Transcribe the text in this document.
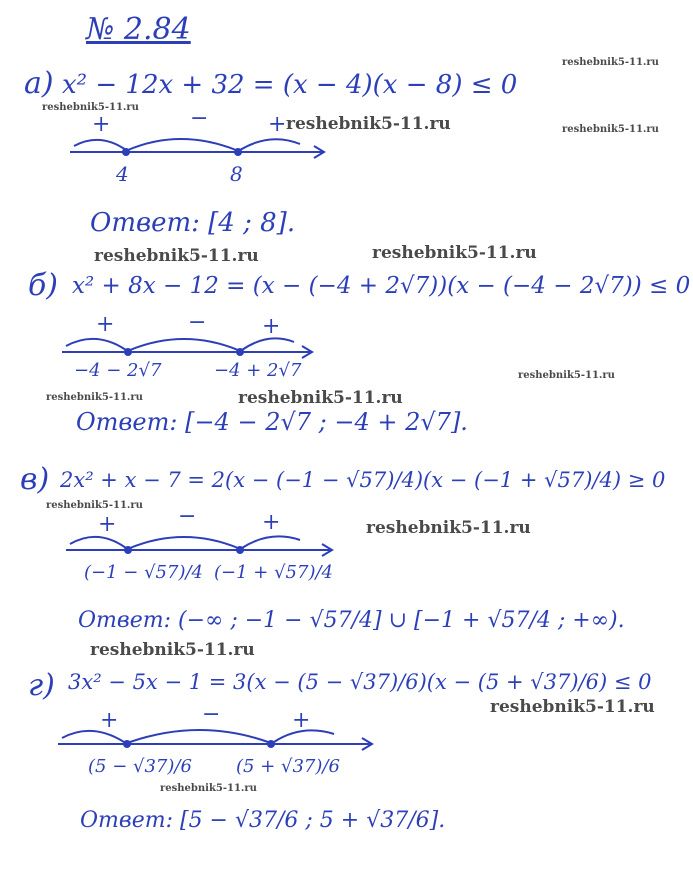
№ 2.84
reshebnik5-11.ru
reshebnik5-11.ru
reshebnik5-11.ru	reshebnik5-11.ru
reshebnik5-11.ru	reshebnik5-11.ru
reshebnik5-11.ru
reshebnik5-11.ru	reshebnik5-11.ru
reshebnik5-11.ru
reshebnik5-11.ru
reshebnik5-11.ru
reshebnik5-11.ru
reshebnik5-11.ru
а) x² − 12x + 32 = (x − 4)(x − 8) ≤ 0
+	−	+
4	8
Ответ: [4 ; 8].
б) x² + 8x − 12 = (x − (−4 + 2√7))(x − (−4 − 2√7)) ≤ 0
+	−	+
−4 − 2√7	−4 + 2√7
Ответ: [−4 − 2√7 ; −4 + 2√7].
в) 2x² + x − 7 = 2(x − (−1 − √57)/4)(x − (−1 + √57)/4) ≥ 0
+	−	+
(−1 − √57)/4 (−1 + √57)/4
Ответ: (−∞ ; −1 − √57/4] ∪ [−1 + √57/4 ; +∞).
г) 3x² − 5x − 1 = 3(x − (5 − √37)/6)(x − (5 + √37)/6) ≤ 0
+	−	+
(5 − √37)/6 (5 + √37)/6
Ответ: [5 − √37/6 ; 5 + √37/6].
